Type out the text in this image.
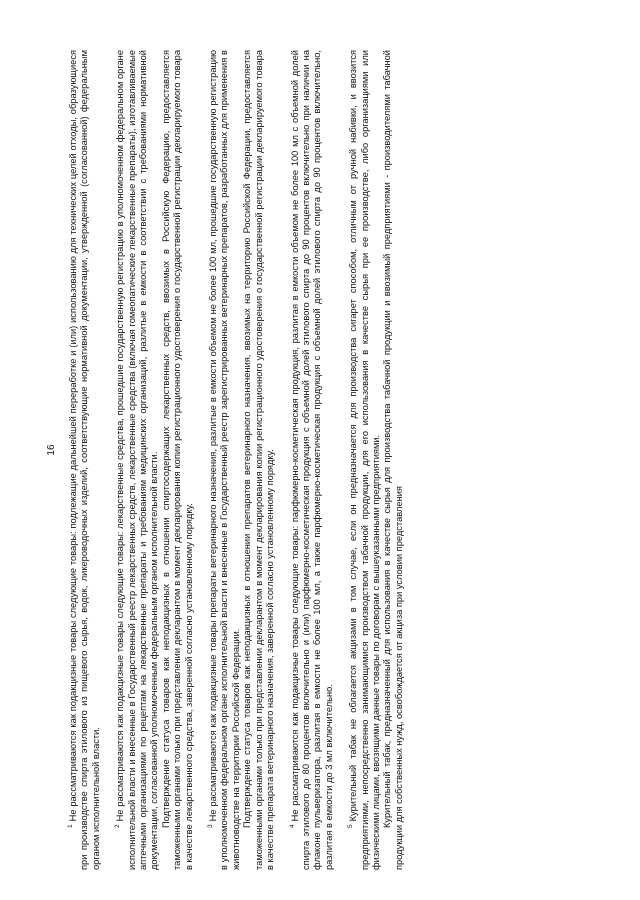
16

$^1$Не рассматриваются как подакцизные товары следующие товары: подлежащие дальнейшей переработке и (или) использованию для технических целей отходы, образующиеся при производстве спирта этилового из пищевого сырья, водок, ликероводочных изделий, соответствующие нормативной документации, утвержденной (согласованной) федеральным органом исполнительной власти. $^2$Не рассматриваются как подакцизные товары следующие товары: лекарственные средства, прошедшие государственную регистрацию в уполномоченном федеральном органе исполнительной власти и внесенные в Государственный реестр лекарственных средств, лекарственные средства (включая гомеопатические лекарственные препараты), изготавливаемые аптечными организациями по рецептам на лекарственные препараты и требованиям медицинских организаций, разлитые в емкости в соответствии с требованиями нормативной документации, согласованной уполномоченным федеральным органом исполнительной власти. Подтверждение статуса товаров как неподакцизных в отношении спиртосодержащих лекарственных средств, ввозимых в Российскую Федерацию, предоставляется таможенными органами только при представлении декларантом в момент декларирования копии регистрационного удостоверения о государственной регистрации декларируемого товара в качестве лекарственного средства, заверенной согласно установленному порядку. $^3$Не рассматриваются как подакцизные товары препараты ветеринарного назначения, разлитые в емкости объемом не более 100 мл, прошедшие государственную регистрацию в уполномоченном федеральном органе исполнительной власти и внесенные в Государственный реестр зарегистрированных ветеринарных препаратов, разработанных для применения в животноводстве на территории Российской Федерации. Подтверждение статуса товаров как неподакцизных в отношении препаратов ветеринарного назначения, ввозимых на территорию Российской Федерации, предоставляется таможенными органами только при представлении декларантом в момент декларирования копии регистрационного удостоверения о государственной регистрации декларируемого товара в качестве препарата ветеринарного назначения, заверенной согласно установленному порядку. $^4$Не рассматриваются как подакцизные товары следующие товары: парфюмерно-косметическая продукция, разлитая в емкости объемом не более 100 мл с объемной долей спирта этилового до 80 процентов включительно и (или) парфюмерно-косметическая продукция с объемной долей этилового спирта до 90 процентов включительно при наличии на флаконе пульверизатора, разлитая в емкости не более 100 мл, а также парфюмерно-косметическая продукция с объемной долей этилового спирта до 90 процентов включительно, разлитая в емкости до 3 мл включительно. $^5$Курительный табак не облагается акцизами в том случае, если он предназначается для производства сигарет способом, отличным от ручной набивки, и ввозится предприятиями, непосредственно занимающимися производством табачной продукции, для его использования в качестве сырья при ее производстве, либо организациями или физическими лицами, ввозящими данные товары по договорам с вышеуказанными предприятиями. Курительный табак, предназначенный для использования в качестве сырья для производства табачной продукции и ввозимый предприятиями - производителями табачной продукции для собственных нужд, освобождается от акциза при условии представления
